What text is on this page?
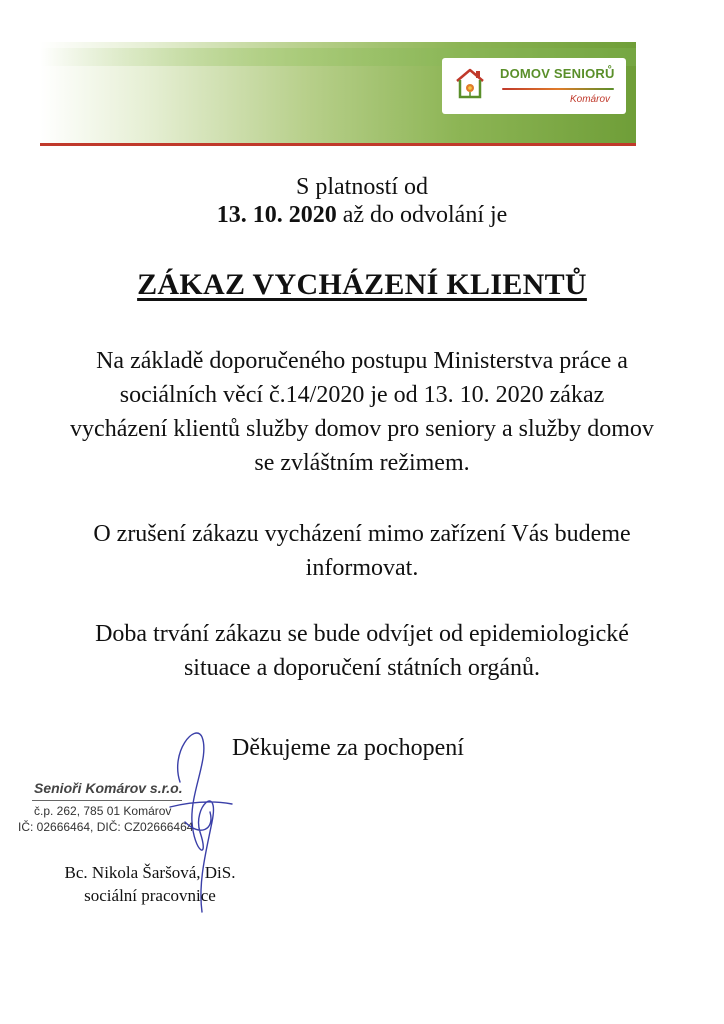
DOMOV SENIORŮ
Komárov
S platností od
13. 10. 2020 až do odvolání je
ZÁKAZ VYCHÁZENÍ KLIENTŮ
Na základě doporučeného postupu Ministerstva práce a sociálních věcí č.14/2020 je od 13. 10. 2020 zákaz vycházení klientů služby domov pro seniory a služby domov se zvláštním režimem.
O zrušení zákazu vycházení mimo zařízení Vás budeme informovat.
Doba trvání zákazu se bude odvíjet od epidemiologické situace a doporučení státních orgánů.
Děkujeme za pochopení
Senioři Komárov s.r.o.
č.p. 262, 785 01 Komárov
IČ: 02666464, DIČ: CZ02666464
Bc. Nikola Šaršová, DiS.
sociální pracovnice
